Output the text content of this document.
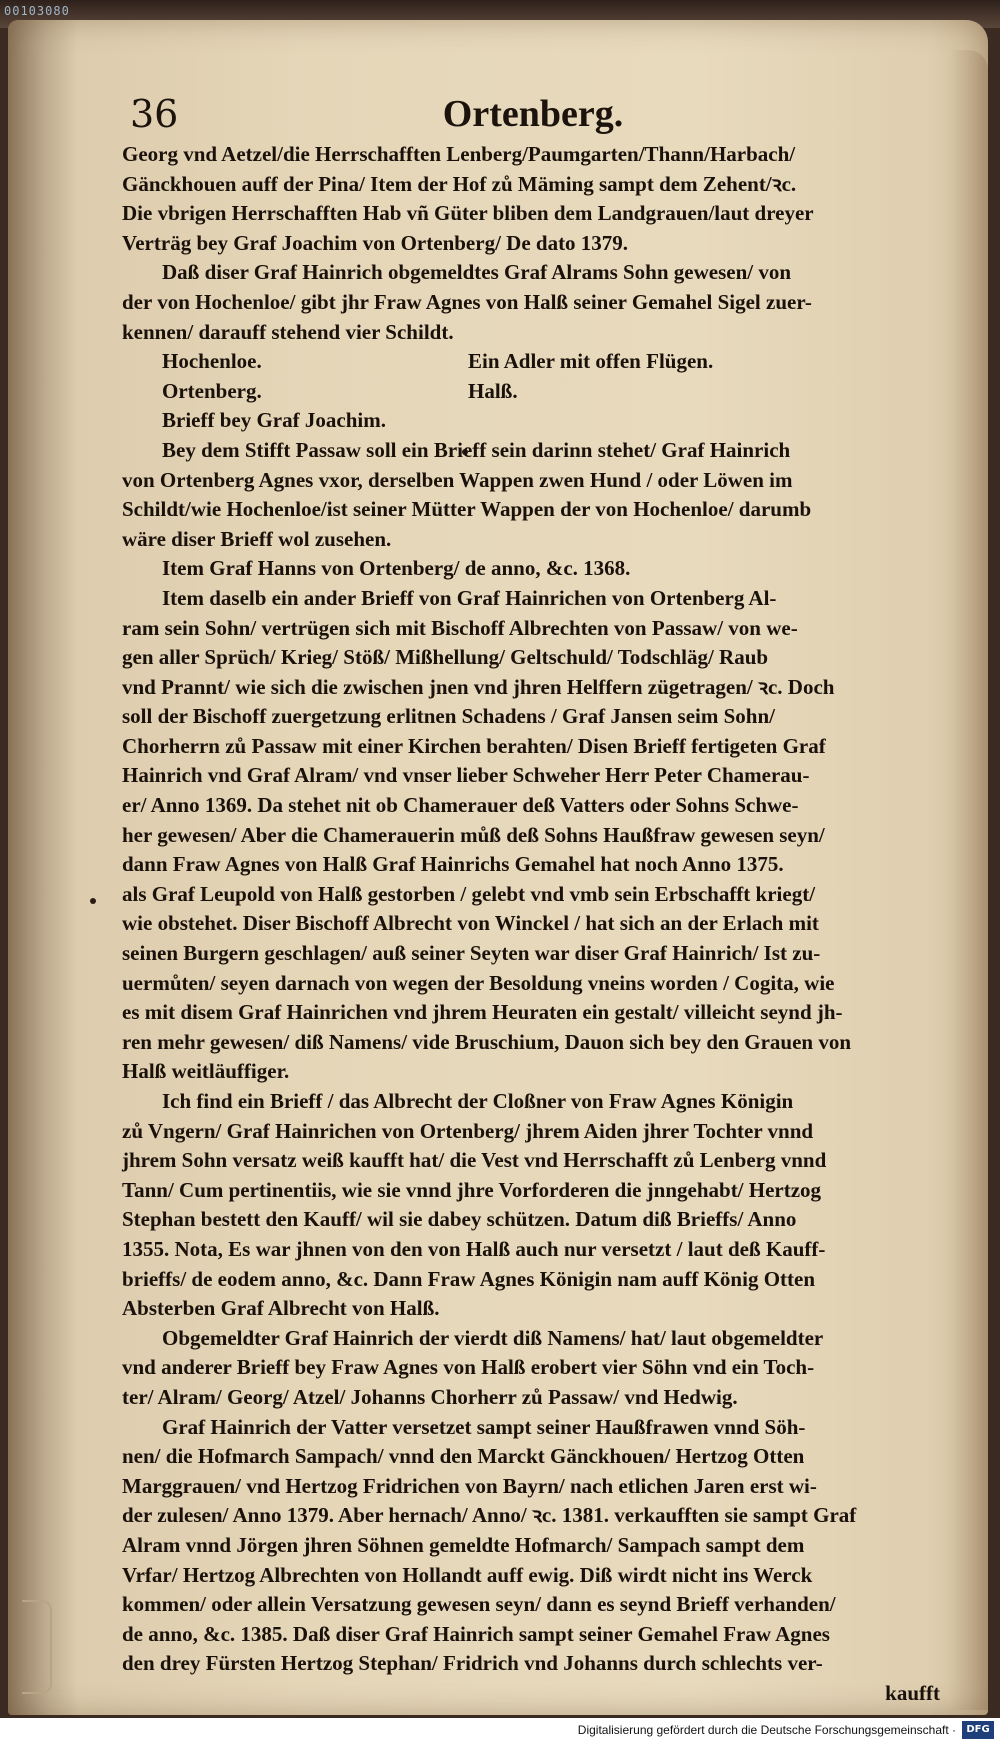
00103080
36	Ortenberg.
Georg vnd Aetzel/die Herrschafften Lenberg/Paumgarten/Thann/Harbach/
Gänckhouen auff der Pina/ Item der Hof zů Mäming sampt dem Zehent/ꝛc.
Die vbrigen Herrschafften Hab vñ Güter bliben dem Landgrauen/laut dreyer
Verträg bey Graf Joachim von Ortenberg/ De dato 1379.
Daß diser Graf Hainrich obgemeldtes Graf Alrams Sohn gewesen/ von
der von Hochenloe/ gibt jhr Fraw Agnes von Halß seiner Gemahel Sigel zuer-
kennen/ darauff stehend vier Schildt.
Hochenloe.	Ein Adler mit offen Flügen.
Ortenberg.	Halß.
Brieff bey Graf Joachim.
Bey dem Stifft Passaw soll ein Brieff sein darinn stehet/ Graf Hainrich
von Ortenberg Agnes vxor, derselben Wappen zwen Hund / oder Löwen im
Schildt/wie Hochenloe/ist seiner Mütter Wappen der von Hochenloe/ darumb
wäre diser Brieff wol zusehen.
Item Graf Hanns von Ortenberg/ de anno, &c. 1368.
Item daselb ein ander Brieff von Graf Hainrichen von Ortenberg Al-
ram sein Sohn/ vertrügen sich mit Bischoff Albrechten von Passaw/ von we-
gen aller Sprüch/ Krieg/ Stöß/ Mißhellung/ Geltschuld/ Todschläg/ Raub
vnd Prannt/ wie sich die zwischen jnen vnd jhren Helffern zügetragen/ ꝛc. Doch
soll der Bischoff zuergetzung erlitnen Schadens / Graf Jansen seim Sohn/
Chorherrn zů Passaw mit einer Kirchen berahten/ Disen Brieff fertigeten Graf
Hainrich vnd Graf Alram/ vnd vnser lieber Schweher Herr Peter Chamerau-
er/ Anno 1369. Da stehet nit ob Chamerauer deß Vatters oder Sohns Schwe-
her gewesen/ Aber die Chamerauerin můß deß Sohns Haußfraw gewesen seyn/
dann Fraw Agnes von Halß Graf Hainrichs Gemahel hat noch Anno 1375.
als Graf Leupold von Halß gestorben / gelebt vnd vmb sein Erbschafft kriegt/
wie obstehet. Diser Bischoff Albrecht von Winckel / hat sich an der Erlach mit
seinen Burgern geschlagen/ auß seiner Seyten war diser Graf Hainrich/ Ist zu-
uermůten/ seyen darnach von wegen der Besoldung vneins worden / Cogita, wie
es mit disem Graf Hainrichen vnd jhrem Heuraten ein gestalt/ villeicht seynd jh-
ren mehr gewesen/ diß Namens/ vide Bruschium, Dauon sich bey den Grauen von
Halß weitläuffiger.
Ich find ein Brieff / das Albrecht der Cloßner von Fraw Agnes Königin
zů Vngern/ Graf Hainrichen von Ortenberg/ jhrem Aiden jhrer Tochter vnnd
jhrem Sohn versatz weiß kaufft hat/ die Vest vnd Herrschafft zů Lenberg vnnd
Tann/ Cum pertinentiis, wie sie vnnd jhre Vorforderen die jnngehabt/ Hertzog
Stephan bestett den Kauff/ wil sie dabey schützen. Datum diß Brieffs/ Anno
1355. Nota, Es war jhnen von den von Halß auch nur versetzt / laut deß Kauff-
brieffs/ de eodem anno, &c. Dann Fraw Agnes Königin nam auff König Otten
Absterben Graf Albrecht von Halß.
Obgemeldter Graf Hainrich der vierdt diß Namens/ hat/ laut obgemeldter
vnd anderer Brieff bey Fraw Agnes von Halß erobert vier Söhn vnd ein Toch-
ter/ Alram/ Georg/ Atzel/ Johanns Chorherr zů Passaw/ vnd Hedwig.
Graf Hainrich der Vatter versetzet sampt seiner Haußfrawen vnnd Söh-
nen/ die Hofmarch Sampach/ vnnd den Marckt Gänckhouen/ Hertzog Otten
Marggrauen/ vnd Hertzog Fridrichen von Bayrn/ nach etlichen Jaren erst wi-
der zulesen/ Anno 1379. Aber hernach/ Anno/ ꝛc. 1381. verkaufften sie sampt Graf
Alram vnnd Jörgen jhren Söhnen gemeldte Hofmarch/ Sampach sampt dem
Vrfar/ Hertzog Albrechten von Hollandt auff ewig. Diß wirdt nicht ins Werck
kommen/ oder allein Versatzung gewesen seyn/ dann es seynd Brieff verhanden/
de anno, &c. 1385. Daß diser Graf Hainrich sampt seiner Gemahel Fraw Agnes
den drey Fürsten Hertzog Stephan/ Fridrich vnd Johanns durch schlechts ver-
kaufft
Digitalisierung gefördert durch die Deutsche Forschungsgemeinschaft ·	DFG
